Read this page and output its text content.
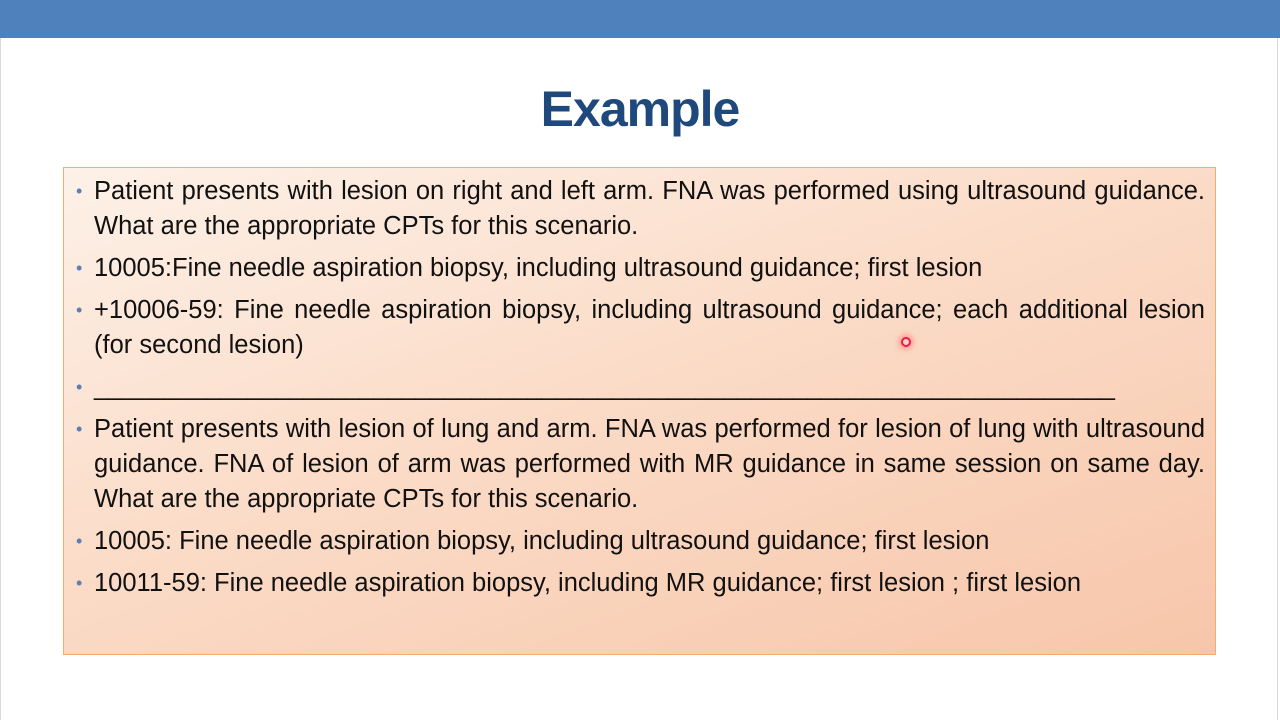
Example
• Patient presents with lesion on right and left arm. FNA was performed using ultrasound guidance. What are the appropriate CPTs for this scenario.
• 10005:Fine needle aspiration biopsy, including ultrasound guidance; first lesion
• +10006-59: Fine needle aspiration biopsy, including ultrasound guidance; each additional lesion (for second lesion)
• _________________________________________________________________________
• Patient presents with lesion of lung and arm. FNA was performed for lesion of lung with ultrasound guidance. FNA of lesion of arm was performed with MR guidance in same session on same day. What are the appropriate CPTs for this scenario.
• 10005: Fine needle aspiration biopsy, including ultrasound guidance; first lesion
• 10011-59: Fine needle aspiration biopsy, including MR guidance; first lesion ; first lesion
